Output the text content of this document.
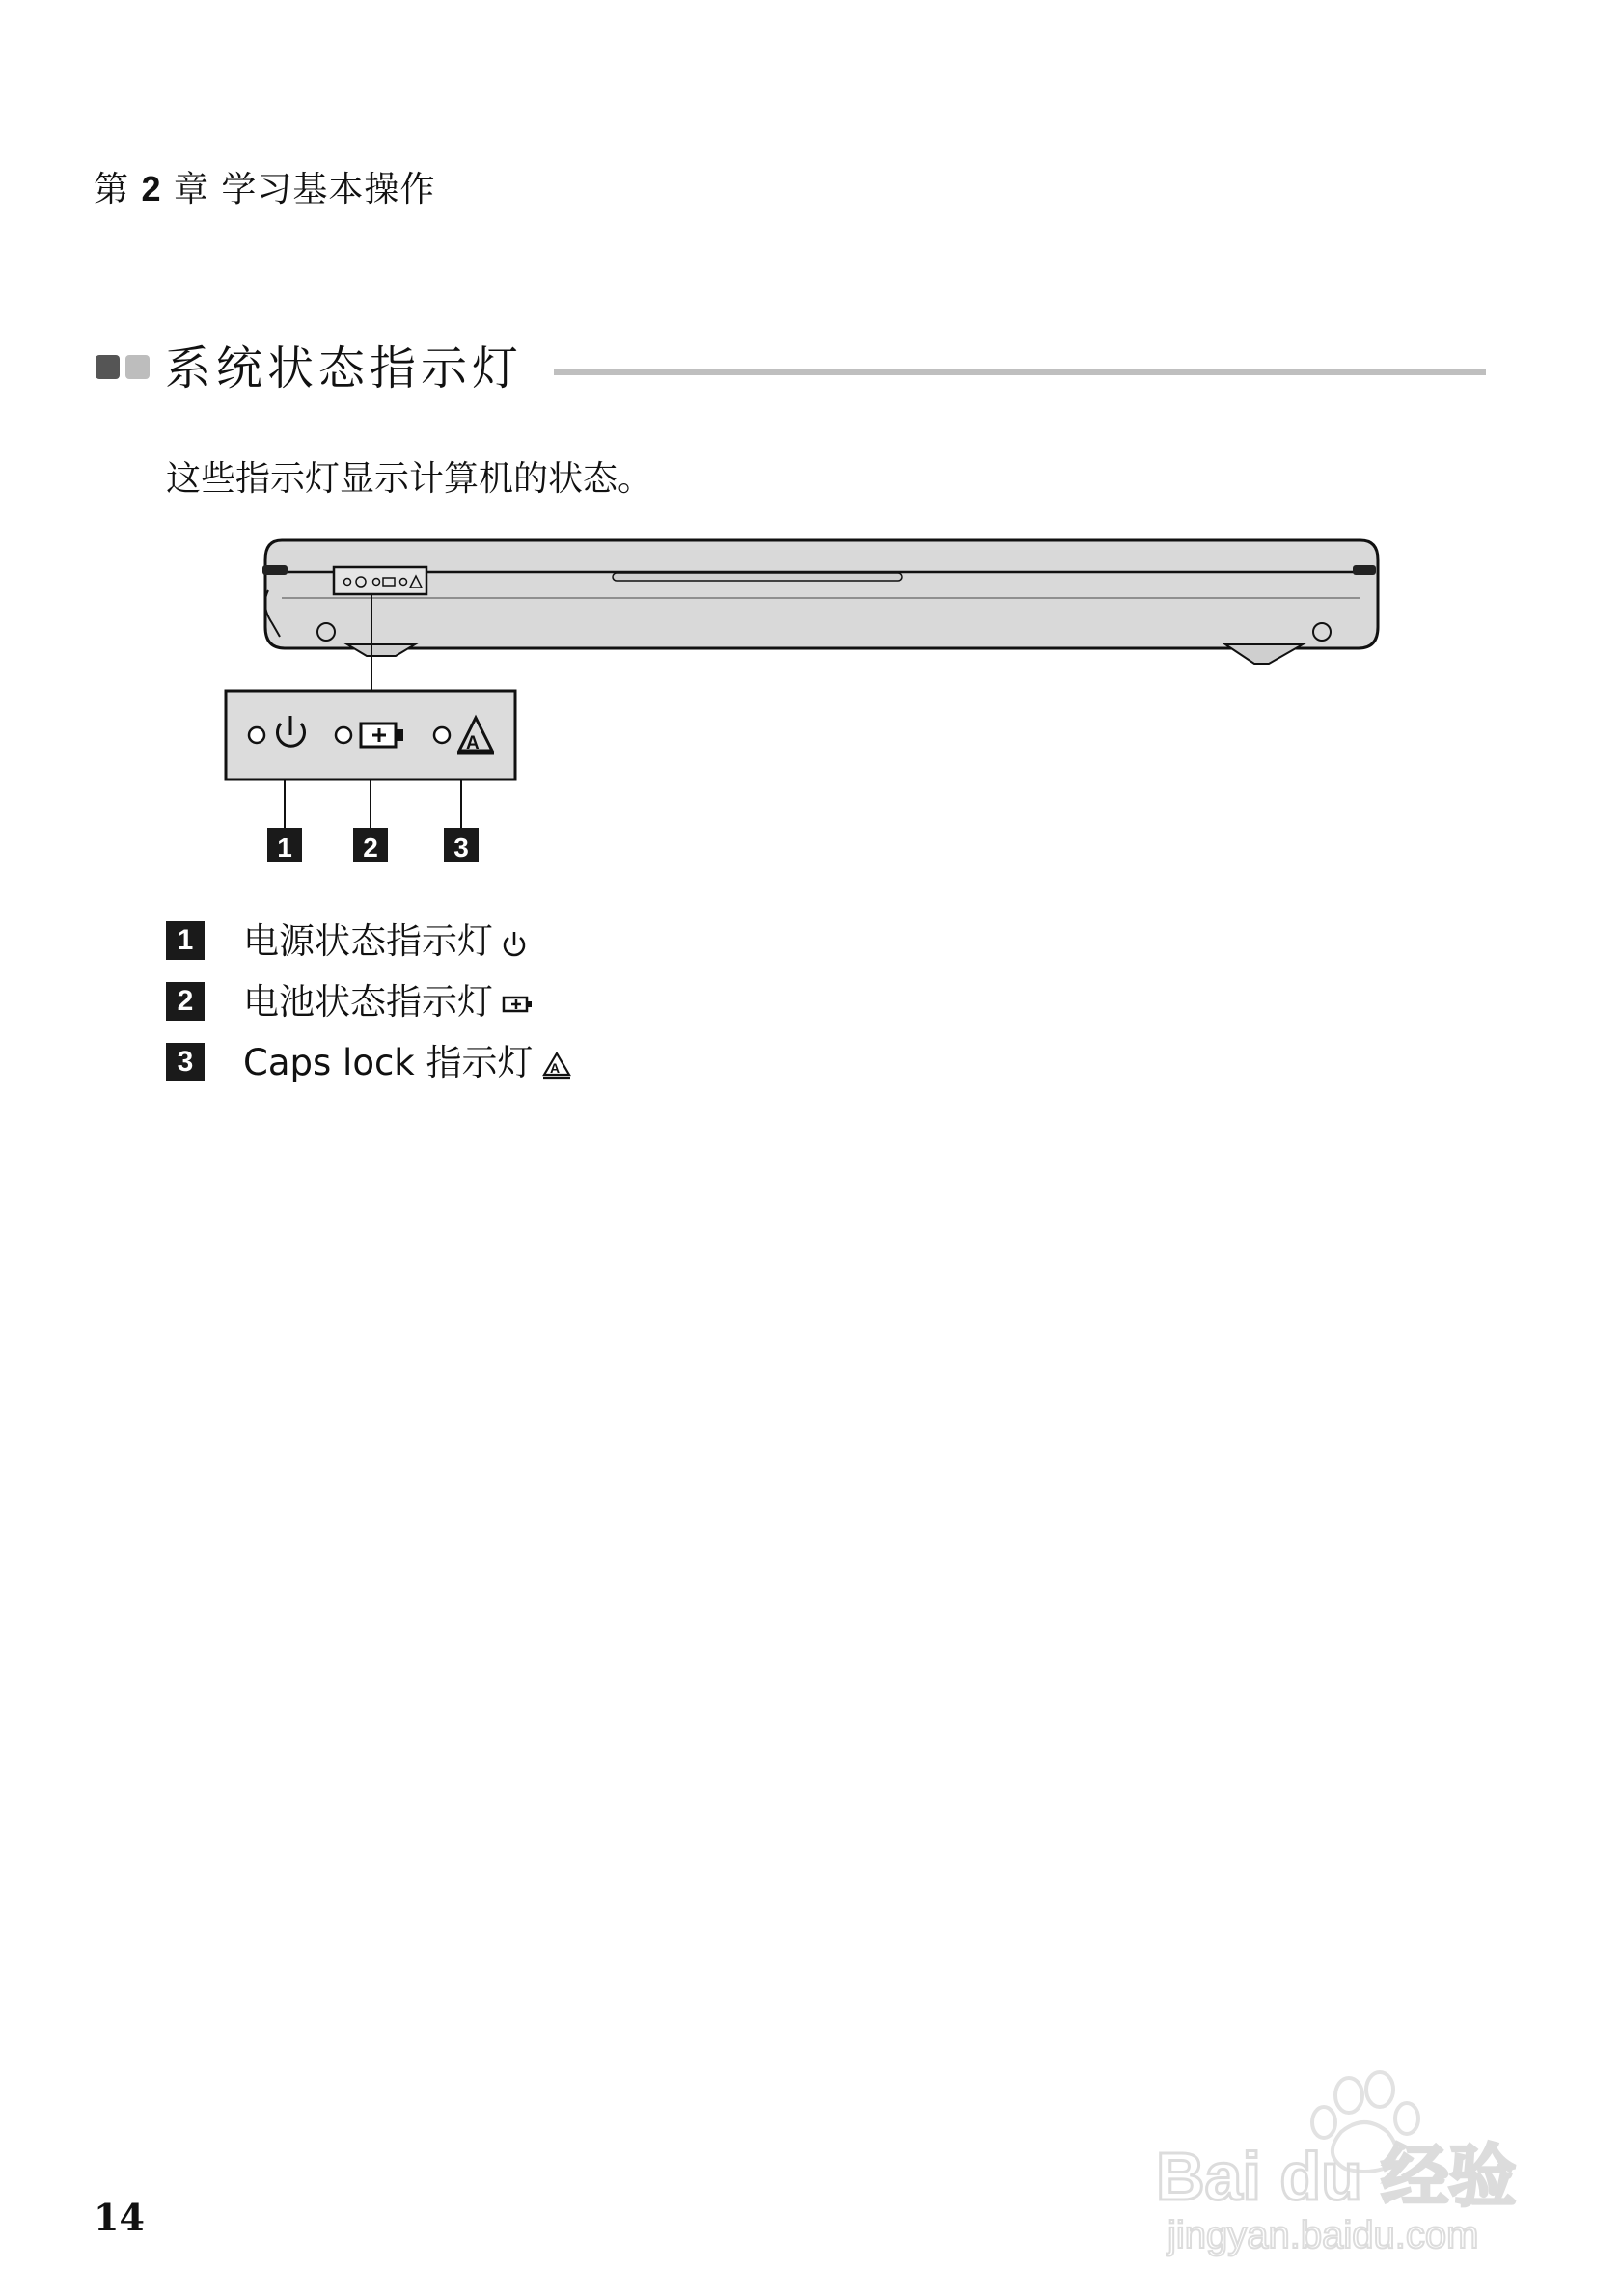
第 2 章 学习基本操作
系统状态指示灯
这些指示灯显示计算机的状态。
A
1	2	3
1	电源状态指示灯
2	电池状态指示灯
3	Caps lock 指示灯 A
14
Bai du 经验
jingyan.baidu.com
